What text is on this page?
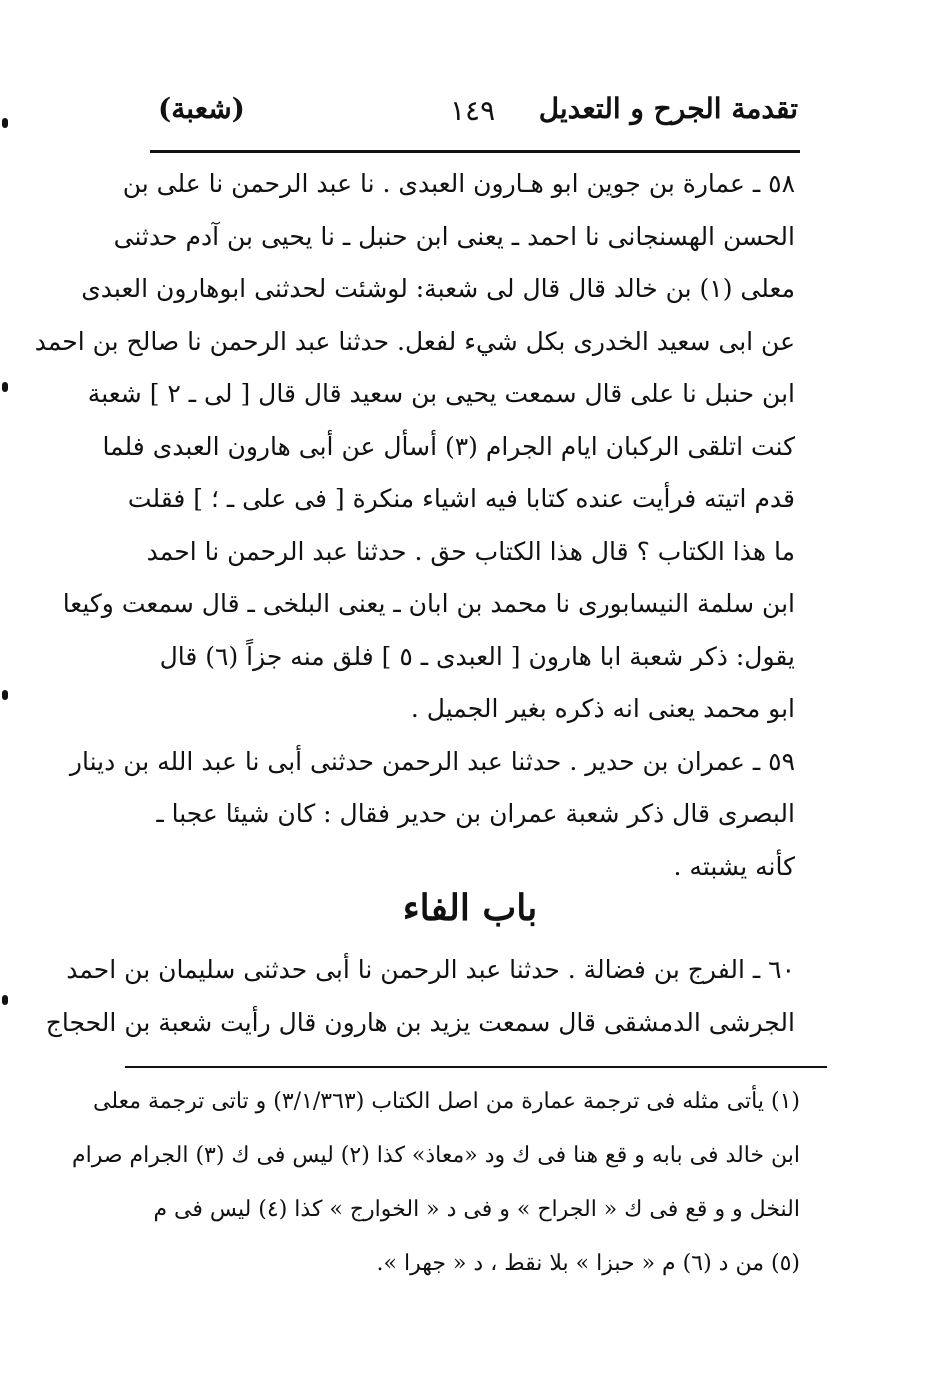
تقدمة الجرح و التعديل
١٤٩
(شعبة)
٥٨ ـ عمارة بن جوين ابو هـارون العبدى . نا عبد الرحمن نا على بن
الحسن الهسنجانى نا احمد ـ يعنى ابن حنبل ـ نا يحيى بن آدم حدثنى
معلى (١) بن خالد قال قال لى شعبة: لوشئت لحدثنى ابوهارون العبدى
عن ابى سعيد الخدرى بكل شيء لفعل. حدثنا عبد الرحمن نا صالح بن احمد
ابن حنبل نا على قال سمعت يحيى بن سعيد قال قال [ لى ـ ٢ ] شعبة
كنت اتلقى الركبان ايام الجرام (٣) أسأل عن أبى هارون العبدى فلما
قدم اتيته فرأيت عنده كتابا فيه اشياء منكرة [ فى على ـ ؛ ] فقلت
ما هذا الكتاب ؟ قال هذا الكتاب حق . حدثنا عبد الرحمن نا احمد
ابن سلمة النيسابورى نا محمد بن ابان ـ يعنى البلخى ـ قال سمعت وكيعا
يقول: ذكر شعبة ابا هارون [ العبدى ـ ٥ ] فلق منه جزاً (٦) قال
ابو محمد يعنى انه ذكره بغير الجميل .
٥٩ ـ عمران بن حدير . حدثنا عبد الرحمن حدثنى أبى نا عبد الله بن دينار
البصرى قال ذكر شعبة عمران بن حدير فقال : كان شيئا عجبا ـ
كأنه يشبته .
باب الفاء
٦٠ ـ الفرج بن فضالة . حدثنا عبد الرحمن نا أبى حدثنى سليمان بن احمد
الجرشى الدمشقى قال سمعت يزيد بن هارون قال رأيت شعبة بن الحجاج
(١) يأتى مثله فى ترجمة عمارة من اصل الكتاب (٣/١/٣٦٣) و تاتى ترجمة معلى
ابن خالد فى بابه و قع هنا فى ك ود «معاذ» كذا (٢) ليس فى ك (٣) الجرام صرام
النخل و و قع فى ك « الجراح » و فى د « الخوارج » كذا (٤) ليس فى م
(٥) من د (٦) م « حبزا » بلا نقط ، د « جهرا ».
